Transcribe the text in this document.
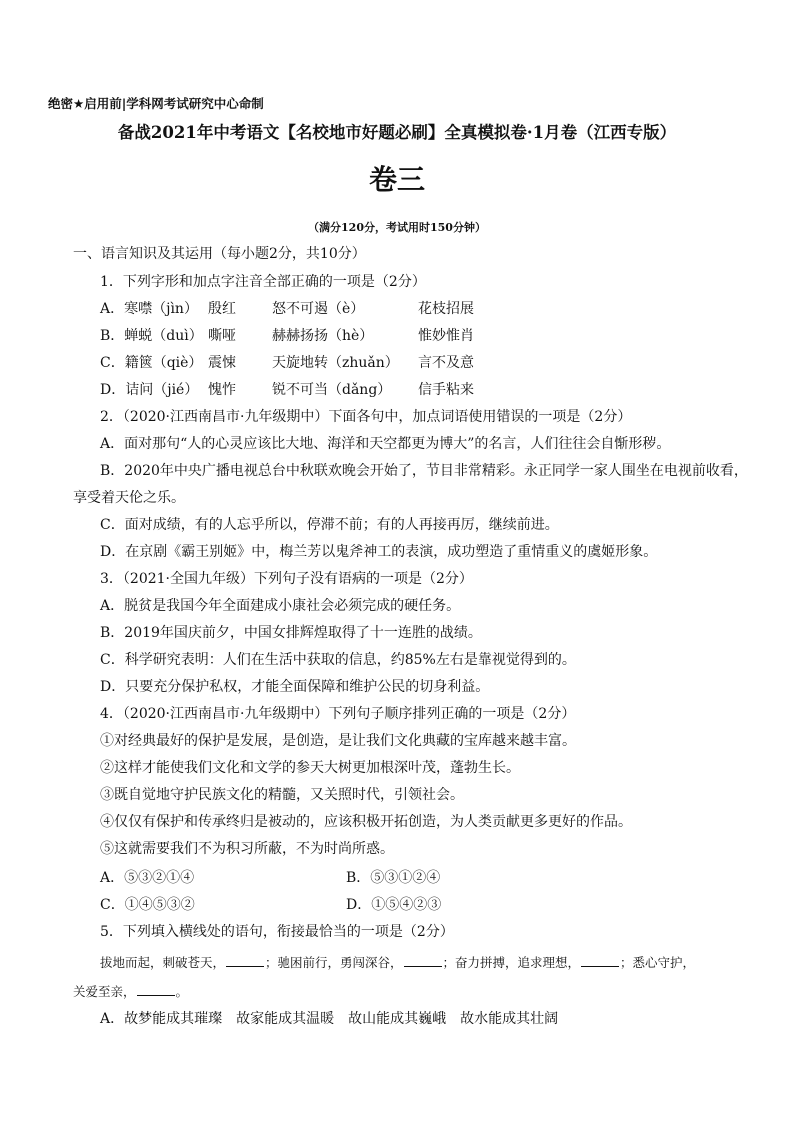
绝密★启用前|学科网考试研究中心命制
备战2021年中考语文【名校地市好题必刷】全真模拟卷·1月卷（江西专版）
卷三
（满分120分，考试用时150分钟）
一、语言知识及其运用（每小题2分，共10分）
1．下列字形和加点字注音全部正确的一项是（2分）
A．寒噤（jìn） 殷红	怒不可遏（è）	花枝招展
B．蝉蜕（duì） 嘶哑	赫赫扬扬（hè）	惟妙惟肖
C．籍篋（qiè） 震悚	天旋地转（zhuǎn） 言不及意
D．诘问（jié） 愧怍	锐不可当（dǎng） 信手粘来
2．（2020·江西南昌市·九年级期中）下面各句中，加点词语使用错误的一项是（2分）
A．面对那句“人的心灵应该比大地、海洋和天空都更为博大”的名言，人们往往会自惭形秽。
B．2020年中央广播电视总台中秋联欢晚会开始了，节目非常精彩。永正同学一家人围坐在电视前收看，
享受着天伦之乐。
C．面对成绩，有的人忘乎所以，停滞不前；有的人再接再厉，继续前进。
D．在京剧《霸王别姬》中，梅兰芳以鬼斧神工的表演，成功塑造了重情重义的虞姬形象。
3．（2021·全国九年级）下列句子没有语病的一项是（2分）
A．脱贫是我国今年全面建成小康社会必须完成的硬任务。
B．2019年国庆前夕，中国女排辉煌取得了十一连胜的战绩。
C．科学研究表明：人们在生活中获取的信息，约85%左右是靠视觉得到的。
D．只要充分保护私权，才能全面保障和维护公民的切身利益。
4．（2020·江西南昌市·九年级期中）下列句子顺序排列正确的一项是（2分）
①对经典最好的保护是发展，是创造，是让我们文化典藏的宝库越来越丰富。
②这样才能使我们文化和文学的参天大树更加根深叶茂，蓬勃生长。
③既自觉地守护民族文化的精髓，又关照时代，引领社会。
④仅仅有保护和传承终归是被动的，应该积极开拓创造，为人类贡献更多更好的作品。
⑤这就需要我们不为积习所蔽，不为时尚所惑。
A．⑤③②①④	B．⑤③①②④
C．①④⑤③②	D．①⑤④②③
5．下列填入横线处的语句，衔接最恰当的一项是（2分）
拔地而起，刺破苍天，	；驰困前行，勇闯深谷，	；奋力拼搏，追求理想，	；悉心守护，
关爱至亲，	。
A．故梦能成其璀璨　故家能成其温暖　故山能成其巍峨　故水能成其壮阔
